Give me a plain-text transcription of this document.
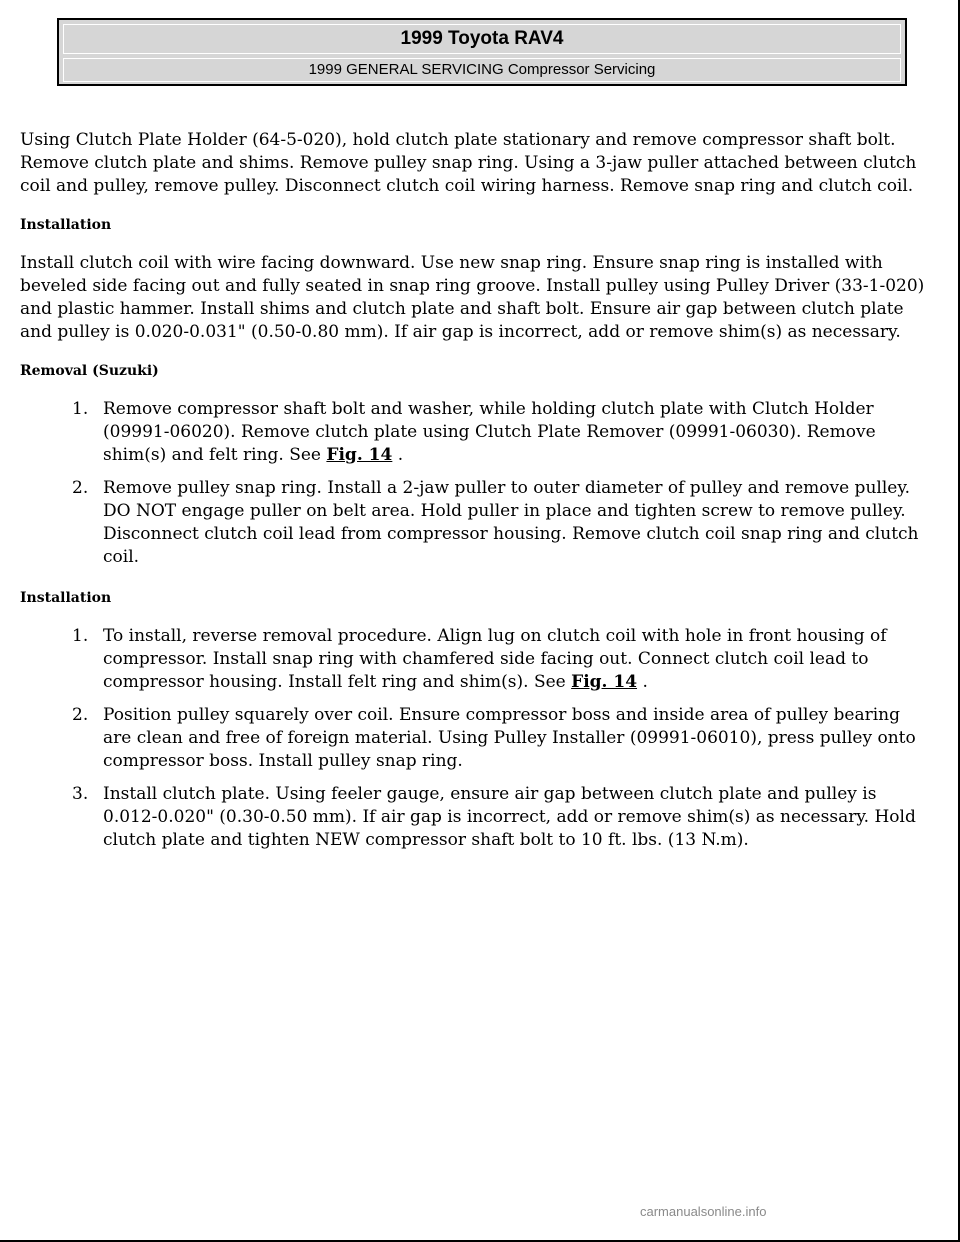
1999 Toyota RAV4
1999 GENERAL SERVICING Compressor Servicing

Using Clutch Plate Holder (64-5-020), hold clutch plate stationary and remove compressor shaft bolt. Remove clutch plate and shims. Remove pulley snap ring. Using a 3-jaw puller attached between clutch coil and pulley, remove pulley. Disconnect clutch coil wiring harness. Remove snap ring and clutch coil.

Installation

Install clutch coil with wire facing downward. Use new snap ring. Ensure snap ring is installed with beveled side facing out and fully seated in snap ring groove. Install pulley using Pulley Driver (33-1-020) and plastic hammer. Install shims and clutch plate and shaft bolt. Ensure air gap between clutch plate and pulley is 0.020-0.031" (0.50-0.80 mm). If air gap is incorrect, add or remove shim(s) as necessary.

Removal (Suzuki)

1. Remove compressor shaft bolt and washer, while holding clutch plate with Clutch Holder (09991-06020). Remove clutch plate using Clutch Plate Remover (09991-06030). Remove shim(s) and felt ring. See Fig. 14 .
2. Remove pulley snap ring. Install a 2-jaw puller to outer diameter of pulley and remove pulley. DO NOT engage puller on belt area. Hold puller in place and tighten screw to remove pulley. Disconnect clutch coil lead from compressor housing. Remove clutch coil snap ring and clutch coil.

Installation

1. To install, reverse removal procedure. Align lug on clutch coil with hole in front housing of compressor. Install snap ring with chamfered side facing out. Connect clutch coil lead to compressor housing. Install felt ring and shim(s). See Fig. 14 .
2. Position pulley squarely over coil. Ensure compressor boss and inside area of pulley bearing are clean and free of foreign material. Using Pulley Installer (09991-06010), press pulley onto compressor boss. Install pulley snap ring.
3. Install clutch plate. Using feeler gauge, ensure air gap between clutch plate and pulley is 0.012-0.020" (0.30-0.50 mm). If air gap is incorrect, add or remove shim(s) as necessary. Hold clutch plate and tighten NEW compressor shaft bolt to 10 ft. lbs. (13 N.m).
carmanualsonline.info
